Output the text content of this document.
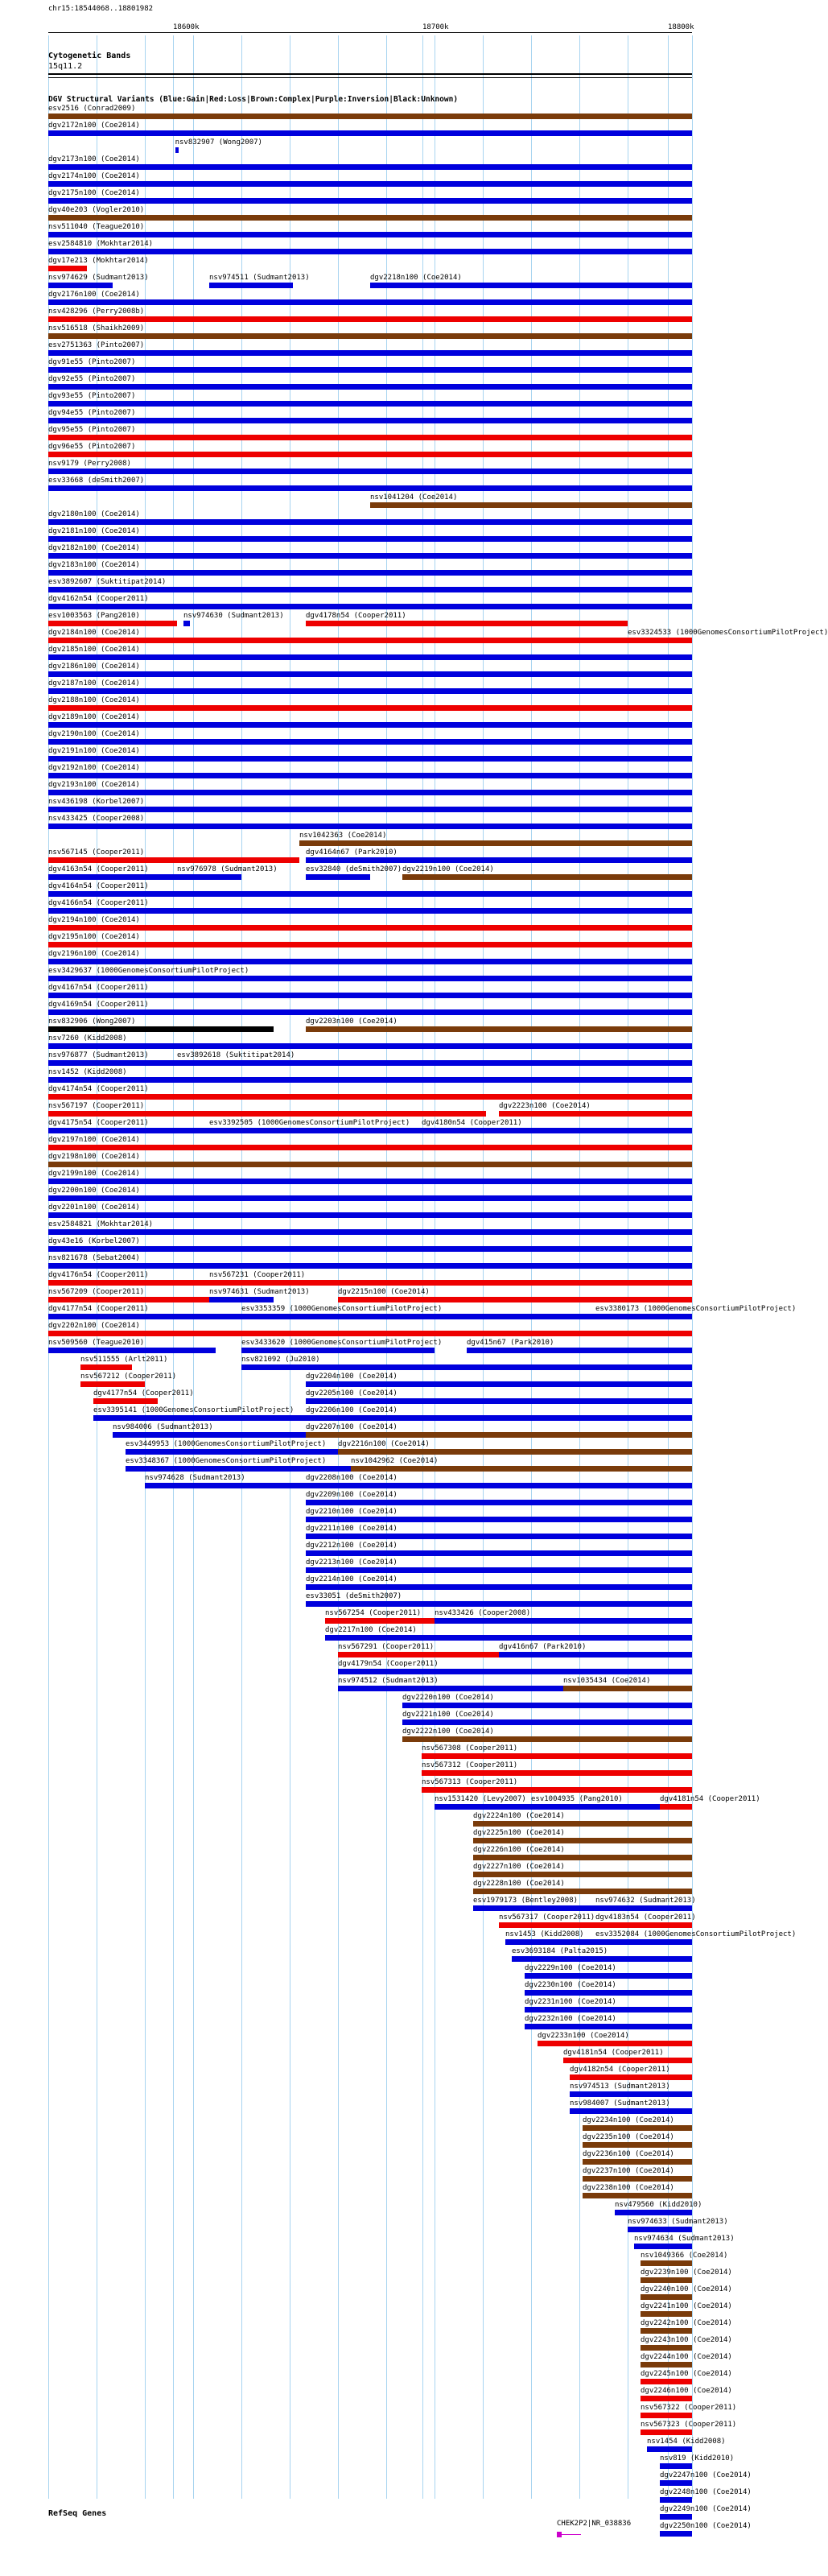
chr15:18544068..18801982
18600k	18700k	18800k
Cytogenetic Bands
15q11.2
DGV Structural Variants (Blue:Gain|Red:Loss|Brown:Complex|Purple:Inversion|Black:Unknown)
esv2516 (Conrad2009)
dgv2172n100 (Coe2014)
nsv832907 (Wong2007)
dgv2173n100 (Coe2014)
dgv2174n100 (Coe2014)
dgv2175n100 (Coe2014)
dgv40e203 (Vogler2010)
nsv511040 (Teague2010)
esv2584810 (Mokhtar2014)
dgv17e213 (Mokhtar2014)
nsv974629 (Sudmant2013)	nsv974511 (Sudmant2013)	dgv2218n100 (Coe2014)
dgv2176n100 (Coe2014)
nsv428296 (Perry2008b)
nsv516518 (Shaikh2009)
esv2751363 (Pinto2007)
dgv91e55 (Pinto2007)
dgv92e55 (Pinto2007)
dgv93e55 (Pinto2007)
dgv94e55 (Pinto2007)
dgv95e55 (Pinto2007)
dgv96e55 (Pinto2007)
nsv9179 (Perry2008)
esv33668 (deSmith2007)
nsv1041204 (Coe2014)
dgv2180n100 (Coe2014)
dgv2181n100 (Coe2014)
dgv2182n100 (Coe2014)
dgv2183n100 (Coe2014)
esv3892607 (Suktitipat2014)
dgv4162n54 (Cooper2011)
esv1003563 (Pang2010)	nsv974630 (Sudmant2013)	dgv4178n54 (Cooper2011)
dgv2184n100 (Coe2014)	esv3324533 (1000GenomesConsortiumPilotProject)
dgv2185n100 (Coe2014)
dgv2186n100 (Coe2014)
dgv2187n100 (Coe2014)
dgv2188n100 (Coe2014)
dgv2189n100 (Coe2014)
dgv2190n100 (Coe2014)
dgv2191n100 (Coe2014)
dgv2192n100 (Coe2014)
dgv2193n100 (Coe2014)
nsv436198 (Korbel2007)
nsv433425 (Cooper2008)
nsv1042363 (Coe2014)
nsv567145 (Cooper2011)	dgv4164n67 (Park2010)
dgv4163n54 (Cooper2011)	nsv976978 (Sudmant2013)	esv32840 (deSmith2007) dgv2219n100 (Coe2014)
dgv4164n54 (Cooper2011)
dgv4166n54 (Cooper2011)
dgv2194n100 (Coe2014)
dgv2195n100 (Coe2014)
dgv2196n100 (Coe2014)
esv3429637 (1000GenomesConsortiumPilotProject)
dgv4167n54 (Cooper2011)
dgv4169n54 (Cooper2011)
nsv832906 (Wong2007)	dgv2203n100 (Coe2014)
nsv7260 (Kidd2008)
nsv976877 (Sudmant2013)	esv3892618 (Suktitipat2014)
nsv1452 (Kidd2008)
dgv4174n54 (Cooper2011)
nsv567197 (Cooper2011)	dgv2223n100 (Coe2014)
dgv4175n54 (Cooper2011)	esv3392505 (1000GenomesConsortiumPilotProject) dgv4180n54 (Cooper2011)
dgv2197n100 (Coe2014)
dgv2198n100 (Coe2014)
dgv2199n100 (Coe2014)
dgv2200n100 (Coe2014)
dgv2201n100 (Coe2014)
esv2584821 (Mokhtar2014)
dgv43e16 (Korbel2007)
nsv821678 (Sebat2004)
dgv4176n54 (Cooper2011)	nsv567231 (Cooper2011)
nsv567209 (Cooper2011)	nsv974631 (Sudmant2013)	dgv2215n100 (Coe2014)
dgv4177n54 (Cooper2011)	esv3353359 (1000GenomesConsortiumPilotProject)	esv3380173 (1000GenomesConsortiumPilotProject)
dgv2202n100 (Coe2014)
nsv509560 (Teague2010)	esv3433620 (1000GenomesConsortiumPilotProject)	dgv415n67 (Park2010)
nsv511555 (Arlt2011)	nsv821092 (Ju2010)
nsv567212 (Cooper2011)	dgv2204n100 (Coe2014)
dgv4177n54 (Cooper2011)	dgv2205n100 (Coe2014)
esv3395141 (1000GenomesConsortiumPilotProject) dgv2206n100 (Coe2014)
nsv984006 (Sudmant2013)	dgv2207n100 (Coe2014)
esv3449953 (1000GenomesConsortiumPilotProject) dgv2216n100 (Coe2014)
esv3348367 (1000GenomesConsortiumPilotProject)	nsv1042962 (Coe2014)
nsv974628 (Sudmant2013)	dgv2208n100 (Coe2014)
dgv2209n100 (Coe2014)
dgv2210n100 (Coe2014)
dgv2211n100 (Coe2014)
dgv2212n100 (Coe2014)
dgv2213n100 (Coe2014)
dgv2214n100 (Coe2014)
esv33051 (deSmith2007)
nsv567254 (Cooper2011) nsv433426 (Cooper2008)
dgv2217n100 (Coe2014)
nsv567291 (Cooper2011)	dgv416n67 (Park2010)
dgv4179n54 (Cooper2011)
nsv974512 (Sudmant2013)	nsv1035434 (Coe2014)
dgv2220n100 (Coe2014)
dgv2221n100 (Coe2014)
dgv2222n100 (Coe2014)
nsv567308 (Cooper2011)
nsv567312 (Cooper2011)
nsv567313 (Cooper2011)
nsv1531420 (Levy2007) esv1004935 (Pang2010)	dgv4181n54 (Cooper2011)
dgv2224n100 (Coe2014)
dgv2225n100 (Coe2014)
dgv2226n100 (Coe2014)
dgv2227n100 (Coe2014)
dgv2228n100 (Coe2014)
esv1979173 (Bentley2008) nsv974632 (Sudmant2013)
nsv567317 (Cooper2011) dgv4183n54 (Cooper2011)
nsv1453 (Kidd2008) esv3352084 (1000GenomesConsortiumPilotProject)
esv3693184 (Palta2015)
dgv2229n100 (Coe2014)
dgv2230n100 (Coe2014)
dgv2231n100 (Coe2014)
dgv2232n100 (Coe2014)
dgv2233n100 (Coe2014)
dgv4181n54 (Cooper2011)
dgv4182n54 (Cooper2011)
nsv974513 (Sudmant2013)
nsv984007 (Sudmant2013)
dgv2234n100 (Coe2014)
dgv2235n100 (Coe2014)
dgv2236n100 (Coe2014)
dgv2237n100 (Coe2014)
dgv2238n100 (Coe2014)
nsv479560 (Kidd2010)
nsv974633 (Sudmant2013)
nsv974634 (Sudmant2013)
nsv1049366 (Coe2014)
dgv2239n100 (Coe2014)
dgv2240n100 (Coe2014)
dgv2241n100 (Coe2014)
dgv2242n100 (Coe2014)
dgv2243n100 (Coe2014)
dgv2244n100 (Coe2014)
dgv2245n100 (Coe2014)
dgv2246n100 (Coe2014)
nsv567322 (Cooper2011)
nsv567323 (Cooper2011)
nsv1454 (Kidd2008)
nsv819 (Kidd2010)
dgv2247n100 (Coe2014)
dgv2248n100 (Coe2014)
dgv2249n100 (Coe2014)
dgv2250n100 (Coe2014)
RefSeq Genes
CHEK2P2|NR_038836
